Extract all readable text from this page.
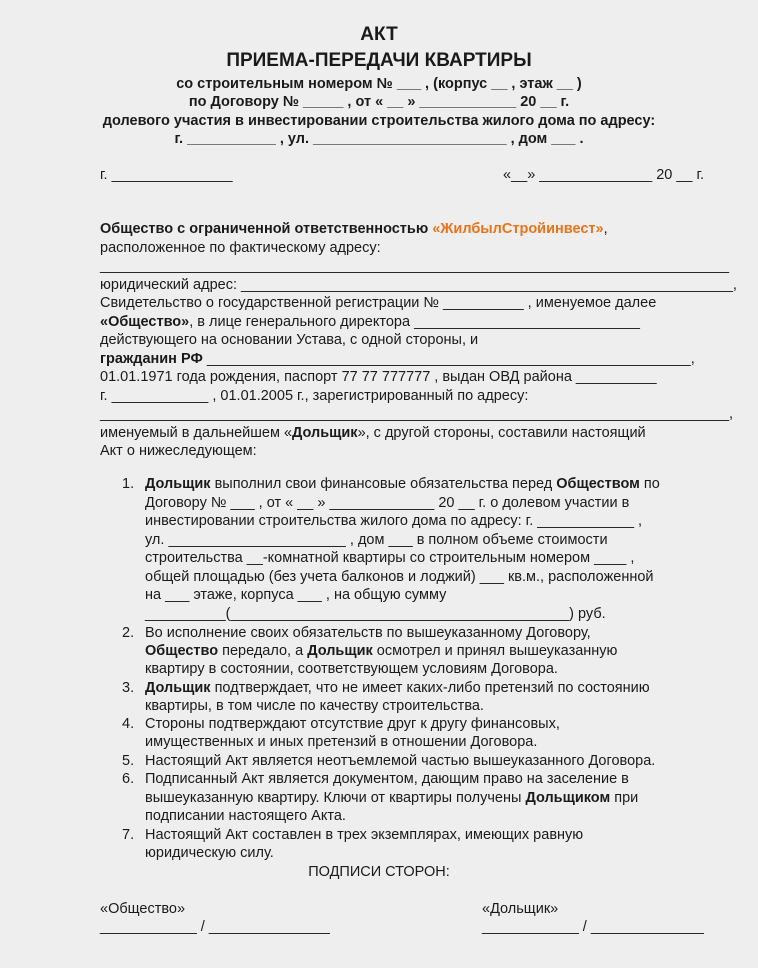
АКТ
ПРИЕМА-ПЕРЕДАЧИ КВАРТИРЫ
со строительным номером № ___ , (корпус __ , этаж __ )
по Договору № _____ , от « __ » ____________ 20 __ г.
долевого участия в инвестировании строительства жилого дома по адресу:
г. ___________ , ул. ________________________ , дом ___ .
г. _______________	«__» ______________ 20 __ г.
Общество с ограниченной ответственностью «ЖилбылСтройинвест»,
расположенное по фактическому адресу:
______________________________________________________________________________
юридический адрес: _____________________________________________________________,
Свидетельство о государственной регистрации № __________ , именуемое далее
«Общество», в лице генерального директора ____________________________
действующего на основании Устава, с одной стороны, и
гражданин РФ ____________________________________________________________,
01.01.1971 года рождения, паспорт 77 77 777777 , выдан ОВД района __________
г. ____________ , 01.01.2005 г., зарегистрированный по адресу:
______________________________________________________________________________,
именуемый в дальнейшем «Дольщик», с другой стороны, составили настоящий
Акт о нижеследующем:
1. Дольщик выполнил свои финансовые обязательства перед Обществом по
Договору № ___ , от « __ » _____________ 20 __ г. о долевом участии в
инвестировании строительства жилого дома по адресу: г. ____________ ,
ул. ______________________ , дом ___ в полном объеме стоимости
строительства __-комнатной квартиры со строительным номером ____ ,
общей площадью (без учета балконов и лоджий) ___ кв.м., расположенной
на ___ этаже, корпуса ___ , на общую сумму
__________(__________________________________________) руб.
2. Во исполнение своих обязательств по вышеуказанному Договору,
Общество передало, а Дольщик осмотрел и принял вышеуказанную
квартиру в состоянии, соответствующем условиям Договора.
3. Дольщик подтверждает, что не имеет каких-либо претензий по состоянию
квартиры, в том числе по качеству строительства.
4. Стороны подтверждают отсутствие друг к другу финансовых,
имущественных и иных претензий в отношении Договора.
5. Настоящий Акт является неотъемлемой частью вышеуказанного Договора.
6. Подписанный Акт является документом, дающим право на заселение в
вышеуказанную квартиру. Ключи от квартиры получены Дольщиком при
подписании настоящего Акта.
7. Настоящий Акт составлен в трех экземплярах, имеющих равную
юридическую силу.
ПОДПИСИ СТОРОН:
«Общество»
____________ / _______________
«Дольщик»
____________ / ______________
